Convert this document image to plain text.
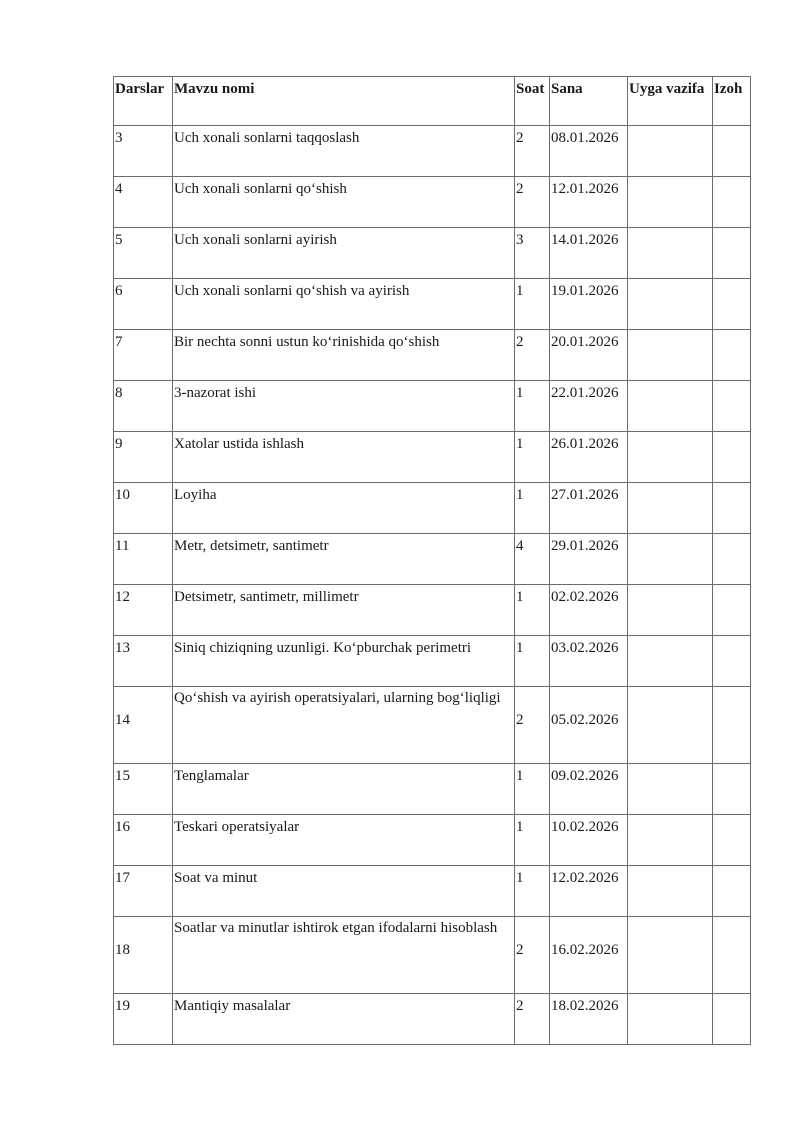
Darslar	Mavzu nomi	Soat	Sana	Uyga vazifa	Izoh
3	Uch xonali sonlarni taqqoslash	2	08.01.2026		
4	Uch xonali sonlarni qo‘shish	2	12.01.2026		
5	Uch xonali sonlarni ayirish	3	14.01.2026		
6	Uch xonali sonlarni qo‘shish va ayirish	1	19.01.2026		
7	Bir nechta sonni ustun ko‘rinishida qo‘shish	2	20.01.2026		
8	3-nazorat ishi	1	22.01.2026		
9	Xatolar ustida ishlash	1	26.01.2026		
10	Loyiha	1	27.01.2026		
11	Metr, detsimetr, santimetr	4	29.01.2026		
12	Detsimetr, santimetr, millimetr	1	02.02.2026		
13	Siniq chiziqning uzunligi. Ko‘pburchak perimetri	1	03.02.2026		
14	Qo‘shish va ayirish operatsiyalari, ularning bog‘liqligi	2	05.02.2026		
15	Tenglamalar	1	09.02.2026		
16	Teskari operatsiyalar	1	10.02.2026		
17	Soat va minut	1	12.02.2026		
18	Soatlar va minutlar ishtirok etgan ifodalarni hisoblash	2	16.02.2026		
19	Mantiqiy masalalar	2	18.02.2026		
